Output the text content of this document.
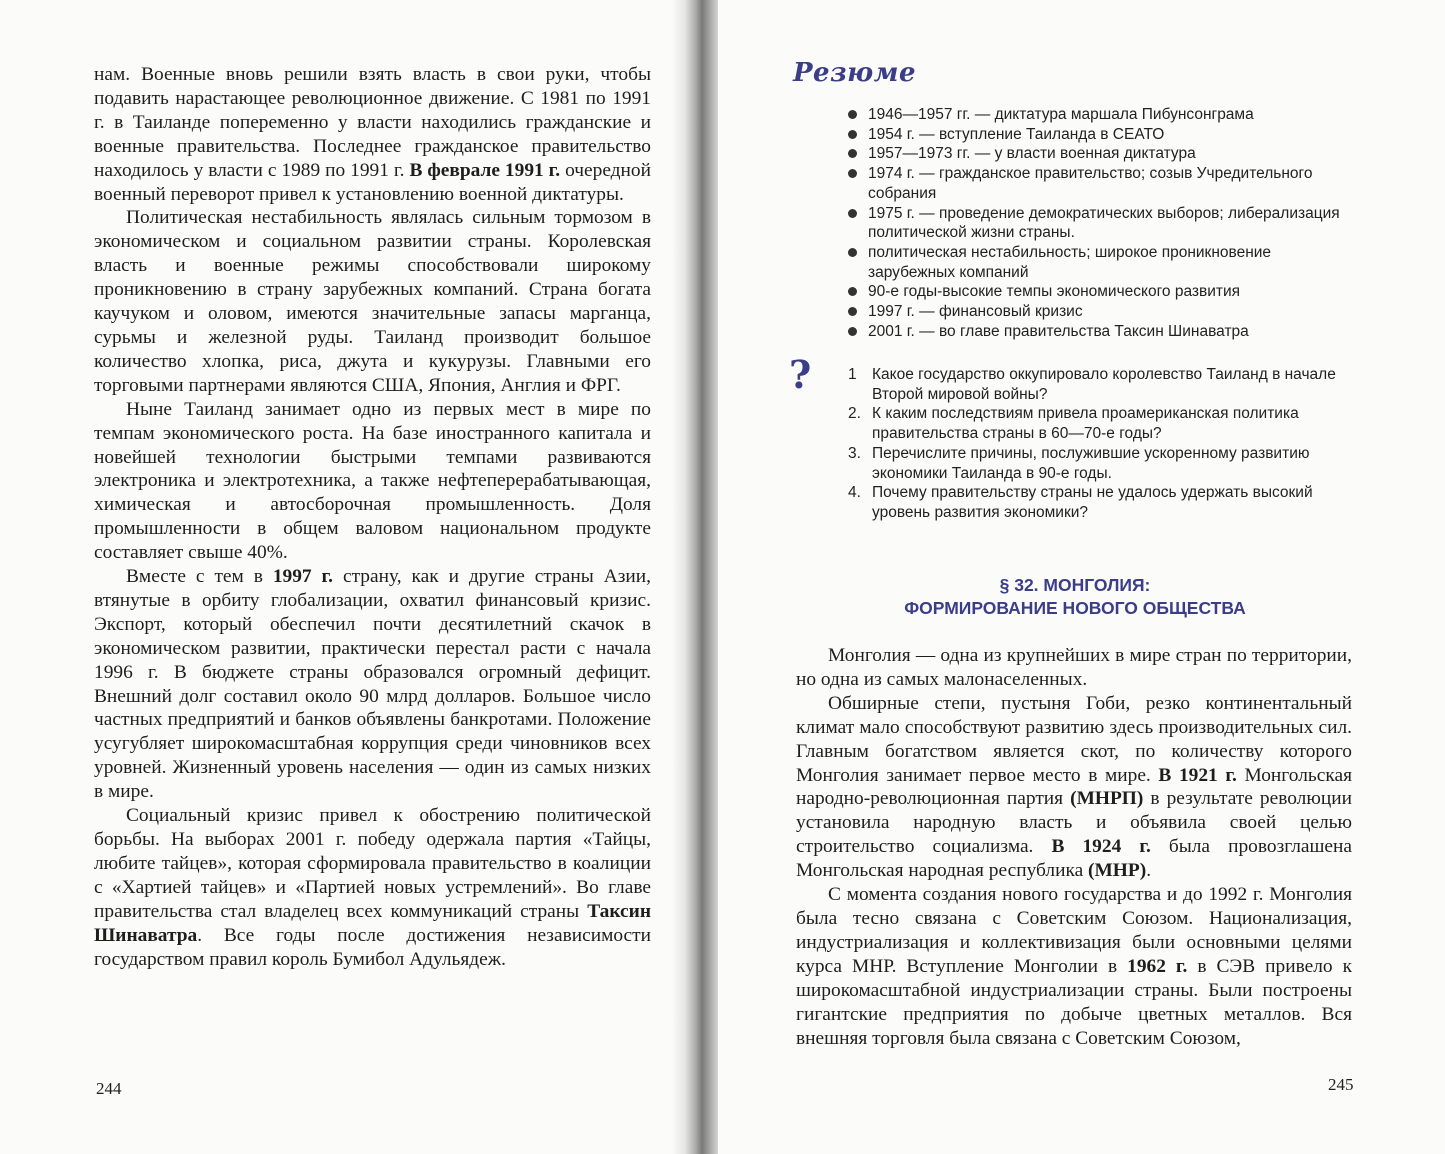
нам. Военные вновь решили взять власть в свои руки, чтобы подавить нарастающее революционное движение. С 1981 по 1991 г. в Таиланде попеременно у власти находились гражданские и военные правительства. Последнее гражданское правительство находилось у власти с 1989 по 1991 г. В феврале 1991 г. очередной военный переворот привел к установлению военной диктатуры.

Политическая нестабильность являлась сильным тормозом в экономическом и социальном развитии страны. Королевская власть и военные режимы способствовали широкому проникновению в страну зарубежных компаний. Страна богата каучуком и оловом, имеются значительные запасы марганца, сурьмы и железной руды. Таиланд производит большое количество хлопка, риса, джута и кукурузы. Главными его торговыми партнерами являются США, Япония, Англия и ФРГ.

Ныне Таиланд занимает одно из первых мест в мире по темпам экономического роста. На базе иностранного капитала и новейшей технологии быстрыми темпами развиваются электроника и электротехника, а также нефтеперерабатывающая, химическая и автосборочная промышленность. Доля промышленности в общем валовом национальном продукте составляет свыше 40%.

Вместе с тем в 1997 г. страну, как и другие страны Азии, втянутые в орбиту глобализации, охватил финансовый кризис. Экспорт, который обеспечил почти десятилетний скачок в экономическом развитии, практически перестал расти с начала 1996 г. В бюджете страны образовался огромный дефицит. Внешний долг составил около 90 млрд долларов. Большое число частных предприятий и банков объявлены банкротами. Положение усугубляет широкомасштабная коррупция среди чиновников всех уровней. Жизненный уровень населения — один из самых низких в мире.

Социальный кризис привел к обострению политической борьбы. На выборах 2001 г. победу одержала партия «Тайцы, любите тайцев», которая сформировала правительство в коалиции с «Хартией тайцев» и «Партией новых устремлений». Во главе правительства стал владелец всех коммуникаций страны Таксин Шинаватра. Все годы после достижения независимости государством правил король Бумибол Адульядеж.

244
Резюме
1946—1957 гг. — диктатура маршала Пибунсонграма
1954 г. — вступление Таиланда в СЕАТО
1957—1973 гг. — у власти военная диктатура
1974 г. — гражданское правительство; созыв Учредительного собрания
1975 г. — проведение демократических выборов; либерализация политической жизни страны.
политическая нестабильность; широкое проникновение зарубежных компаний
90-е годы-высокие темпы экономического развития
1997 г. — финансовый кризис
2001 г. — во главе правительства Таксин Шинаватра
? 1 Какое государство оккупировало королевство Таиланд в начале Второй мировой войны?
2. К каким последствиям привела проамериканская политика правительства страны в 60—70-е годы?
3. Перечислите причины, послужившие ускоренному развитию экономики Таиланда в 90-е годы.
4. Почему правительству страны не удалось удержать высокий уровень развития экономики?
§ 32. МОНГОЛИЯ:
ФОРМИРОВАНИЕ НОВОГО ОБЩЕСТВА

Монголия — одна из крупнейших в мире стран по территории, но одна из самых малонаселенных.

Обширные степи, пустыня Гоби, резко континентальный климат мало способствуют развитию здесь производительных сил. Главным богатством является скот, по количеству которого Монголия занимает первое место в мире. В 1921 г. Монгольская народно-революционная партия (МНРП) в результате революции установила народную власть и объявила своей целью строительство социализма. В 1924 г. была провозглашена Монгольская народная республика (МНР).

С момента создания нового государства и до 1992 г. Монголия была тесно связана с Советским Союзом. Национализация, индустриализация и коллективизация были основными целями курса МНР. Вступление Монголии в 1962 г. в СЭВ привело к широкомасштабной индустриализации страны. Были построены гигантские предприятия по добыче цветных металлов. Вся внешняя торговля была связана с Советским Союзом,

245
